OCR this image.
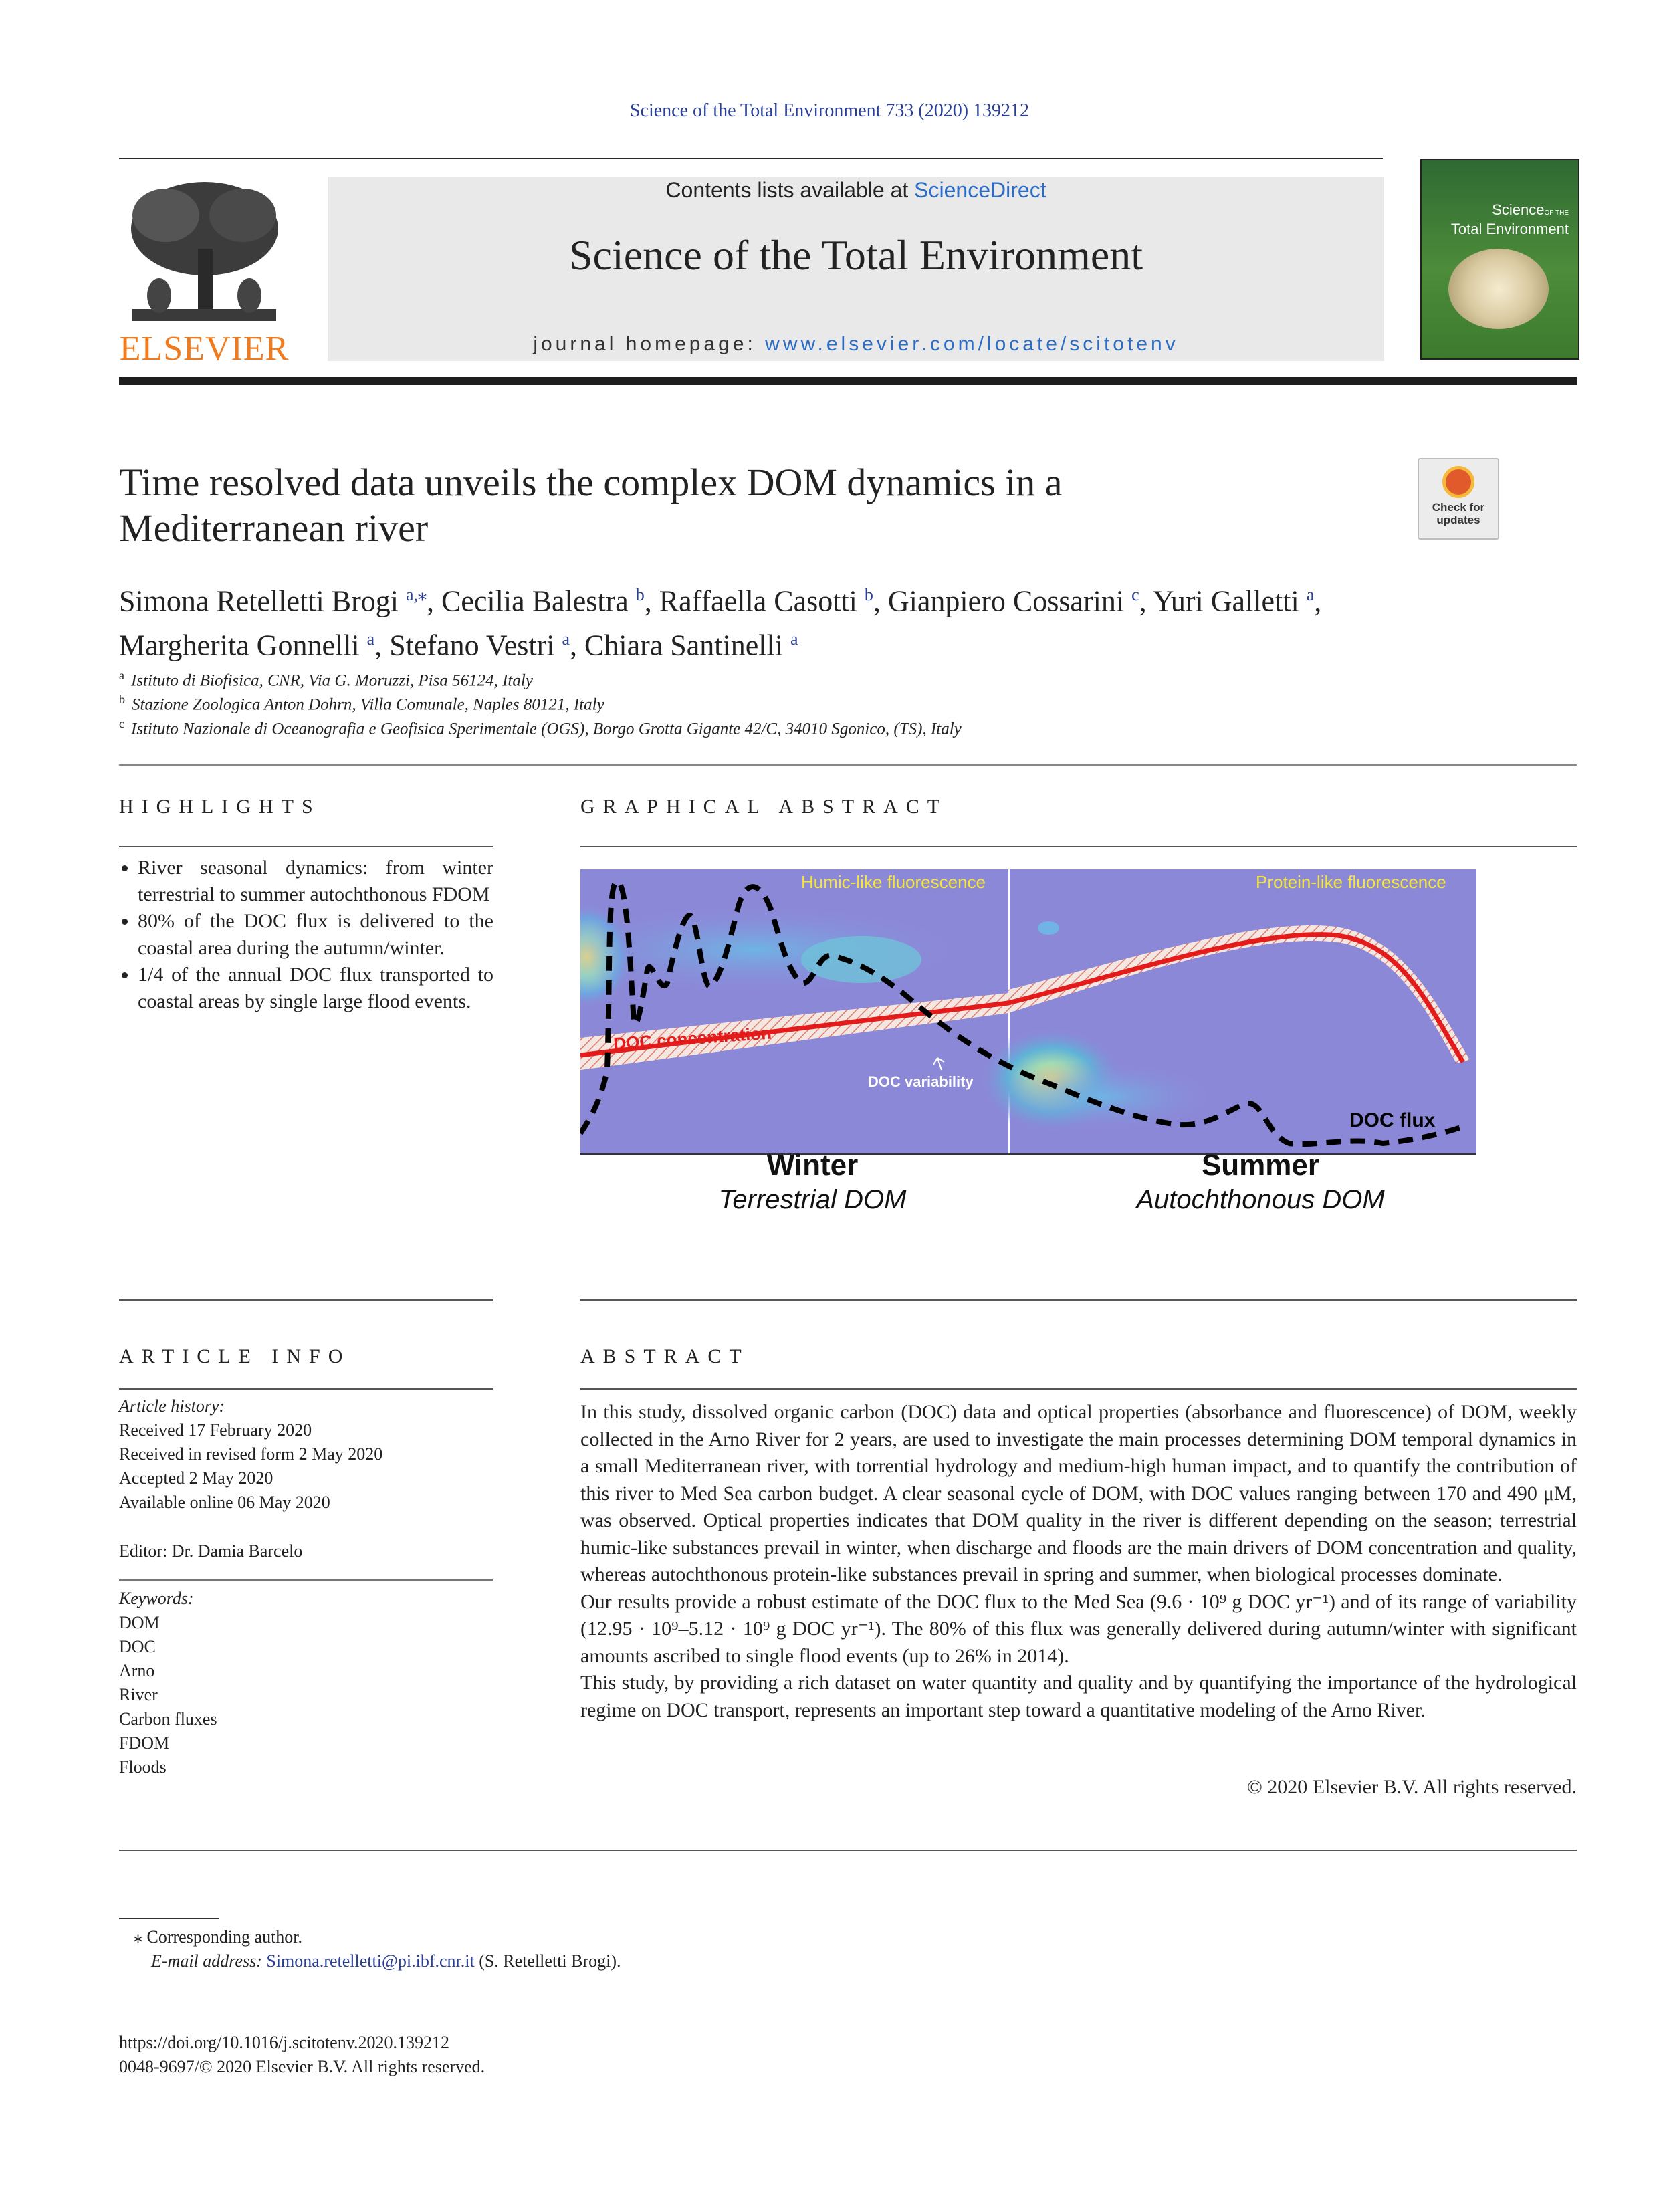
Science of the Total Environment 733 (2020) 139212
ELSEVIER
Contents lists available at ScienceDirect
Science of the Total Environment
journal homepage: www.elsevier.com/locate/scitotenv
ScienceOF THE
Total Environment
Time resolved data unveils the complex DOM dynamics in a
Mediterranean river	Check for updates
Simona Retelletti Brogi $^{a,⁎}$, Cecilia Balestra $^b$, Raffaella Casotti $^b$, Gianpiero Cossarini $^c$, Yuri Galletti $^a$,
Margherita Gonnelli $^a$, Stefano Vestri $^a$, Chiara Santinelli $^a$
$^a$ Istituto di Biofisica, CNR, Via G. Moruzzi, Pisa 56124, Italy
$^b$ Stazione Zoologica Anton Dohrn, Villa Comunale, Naples 80121, Italy
$^c$ Istituto Nazionale di Oceanografia e Geofisica Sperimentale (OGS), Borgo Grotta Gigante 42/C, 34010 Sgonico, (TS), Italy
HIGHLIGHTS
• River seasonal dynamics: from winter terrestrial to summer autochthonous FDOM
• 80% of the DOC flux is delivered to the coastal area during the autumn/winter.
• 1/4 of the annual DOC flux transported to coastal areas by single large flood events.
GRAPHICAL ABSTRACT
Humic-like fluorescence	Protein-like fluorescence
DOC concentration
DOC variability
DOC flux
Winter
Terrestrial DOM
Summer
Autochthonous DOM
ARTICLE INFO
Article history:
Received 17 February 2020
Received in revised form 2 May 2020
Accepted 2 May 2020
Available online 06 May 2020
Editor: Dr. Damia Barcelo
Keywords:
DOM
DOC
Arno
River
Carbon fluxes
FDOM
Floods
ABSTRACT

In this study, dissolved organic carbon (DOC) data and optical properties (absorbance and fluorescence) of DOM, weekly collected in the Arno River for 2 years, are used to investigate the main processes determining DOM temporal dynamics in a small Mediterranean river, with torrential hydrology and medium-high human impact, and to quantify the contribution of this river to Med Sea carbon budget. A clear seasonal cycle of DOM, with DOC values ranging between 170 and 490 μM, was observed. Optical properties indicates that DOM quality in the river is different depending on the season; terrestrial humic-like substances prevail in winter, when discharge and floods are the main drivers of DOM concentration and quality, whereas autochthonous protein-like substances prevail in spring and summer, when biological processes dominate.

Our results provide a robust estimate of the DOC flux to the Med Sea (9.6 · 10⁹ g DOC yr⁻¹) and of its range of variability (12.95 · 10⁹–5.12 · 10⁹ g DOC yr⁻¹). The 80% of this flux was generally delivered during autumn/winter with significant amounts ascribed to single flood events (up to 26% in 2014).

This study, by providing a rich dataset on water quantity and quality and by quantifying the importance of the hydrological regime on DOC transport, represents an important step toward a quantitative modeling of the Arno River.

© 2020 Elsevier B.V. All rights reserved.
⁎ Corresponding author.
E-mail address: Simona.retelletti@pi.ibf.cnr.it (S. Retelletti Brogi).
https://doi.org/10.1016/j.scitotenv.2020.139212
0048-9697/© 2020 Elsevier B.V. All rights reserved.
